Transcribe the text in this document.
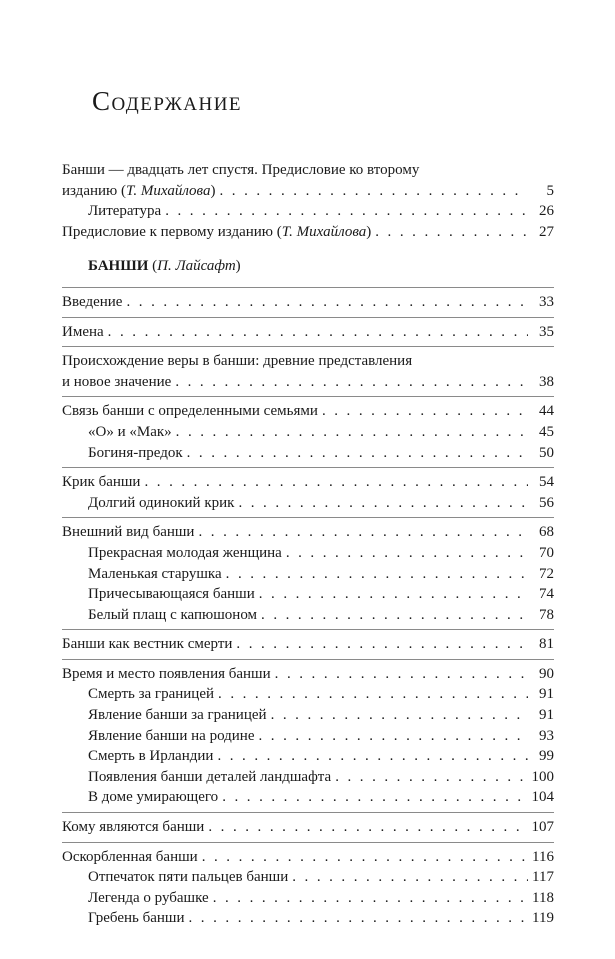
Содержание
Банши — двадцать лет спустя. Предисловие ко второму
изданию (Т. Михайлова) . . .	5
Литература . . .	26
Предисловие к первому изданию (Т. Михайлова) . . .	27
БАНШИ (П. Лайсафт)
Введение . . .	33
Имена . . .	35
Происхождение веры в банши: древние представления
и новое значение . . .	38
Связь банши с определенными семьями . . .	44
«О» и «Мак» . . .	45
Богиня-предок . . .	50
Крик банши . . .	54
Долгий одинокий крик . . .	56
Внешний вид банши . . .	68
Прекрасная молодая женщина . . .	70
Маленькая старушка . . .	72
Причесывающаяся банши . . .	74
Белый плащ с капюшоном . . .	78
Банши как вестник смерти . . .	81
Время и место появления банши . . .	90
Смерть за границей . . .	91
Явление банши за границей . . .	91
Явление банши на родине . . .	93
Смерть в Ирландии . . .	99
Появления банши деталей ландшафта . . .	100
В доме умирающего . . .	104
Кому являются банши . . .	107
Оскорбленная банши . . .	116
Отпечаток пяти пальцев банши . . .	117
Легенда о рубашке . . .	118
Гребень банши . . .	119
